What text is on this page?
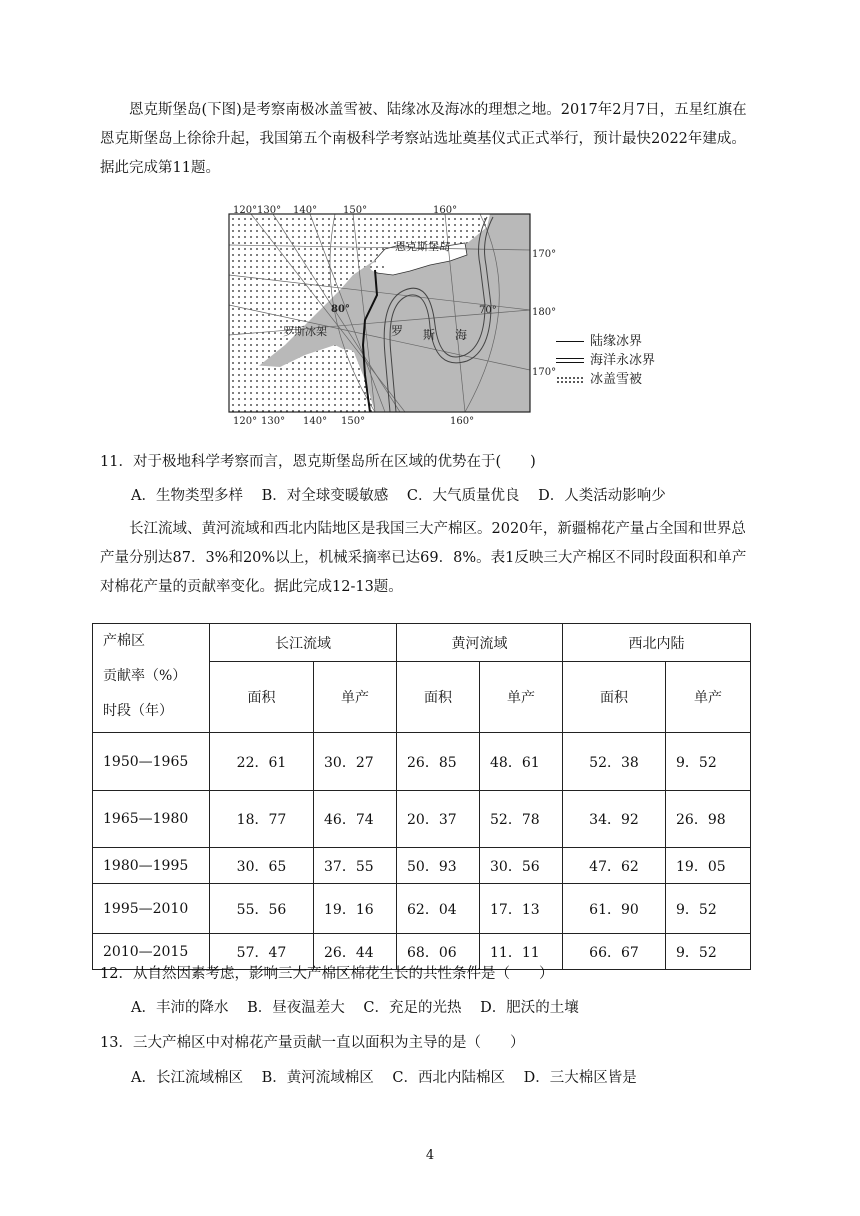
恩克斯堡岛(下图)是考察南极冰盖雪被、陆缘冰及海冰的理想之地。2017年2月7日，五星红旗在恩克斯堡岛上徐徐升起，我国第五个南极科学考察站选址奠基仪式正式举行，预计最快2022年建成。据此完成第11题。

120° 130° 140°	150°	160°
120° 130° 140° 150°	160°
170°
180°
170°
80°	70°
恩克斯堡岛
罗斯冰架	罗 斯 海	陆缘冰界
海洋永冰界
冰盖雪被
11．对于极地科学考察而言，恩克斯堡岛所在区域的优势在于(　　)
A．生物类型多样 B．对全球变暖敏感 C．大气质量优良 D．人类活动影响少

长江流域、黄河流域和西北内陆地区是我国三大产棉区。2020年，新疆棉花产量占全国和世界总产量分别达87．3%和20%以上，机械采摘率已达69．8%。表1反映三大产棉区不同时段面积和单产对棉花产量的贡献率变化。据此完成12-13题。

产棉区
贡献率（%）
时段（年）	长江流域		黄河流域		西北内陆	
	面积	单产	面积	单产	面积	单产
1950—1965	22．61	30．27	26．85	48．61	52．38	9．52
1965—1980	18．77	46．74	20．37	52．78	34．92	26．98
1980—1995	30．65	37．55	50．93	30．56	47．62	19．05
1995—2010	55．56	19．16	62．04	17．13	61．90	9．52
2010—2015	57．47	26．44	68．06	11．11	66．67	9．52
12．从自然因素考虑，影响三大产棉区棉花生长的共性条件是（　　）
A．丰沛的降水 B．昼夜温差大 C．充足的光热 D．肥沃的土壤
13．三大产棉区中对棉花产量贡献一直以面积为主导的是（　　）
A．长江流域棉区 B．黄河流域棉区 C．西北内陆棉区 D．三大棉区皆是
4
